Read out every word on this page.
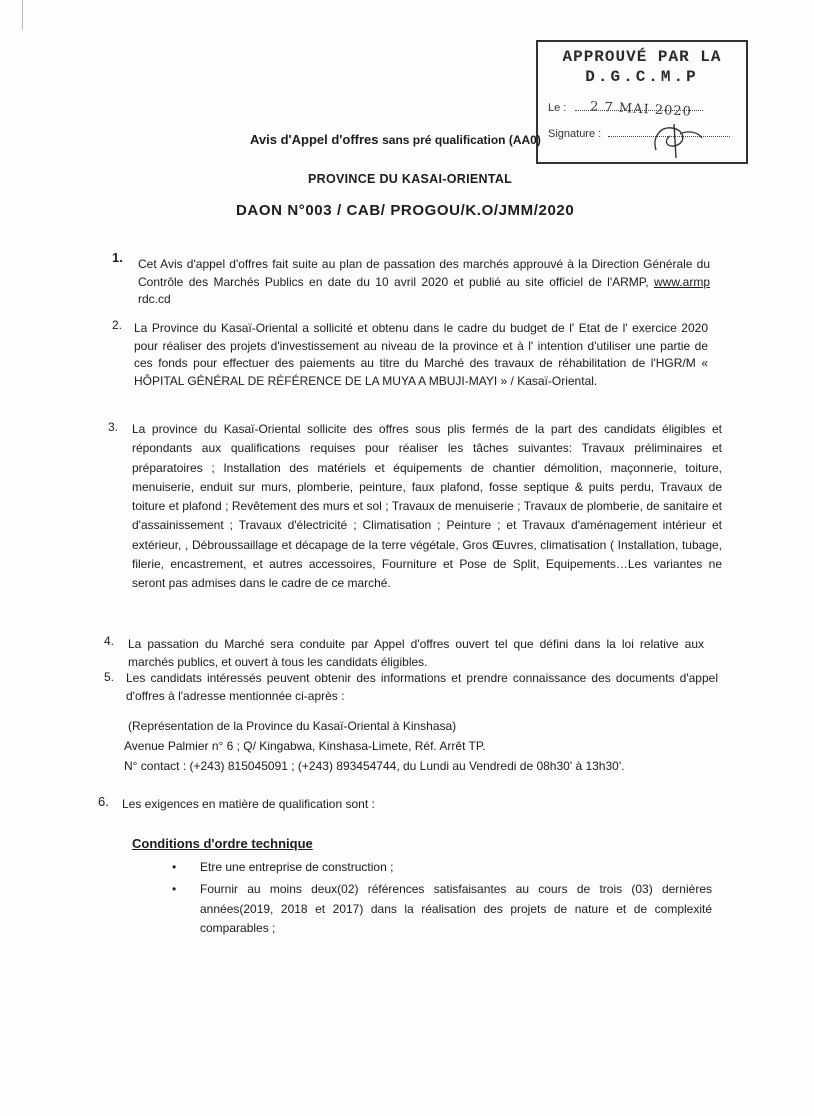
APPROUVÉ PAR LA
D.G.C.M.P
Le :	2 7 MAI 2020
Signature :
Avis d'Appel d'offres sans pré qualification (AA0)
PROVINCE DU KASAI-ORIENTAL
DAON N°003 / CAB/ PROGOU/K.O/JMM/2020
1. Cet Avis d'appel d'offres fait suite au plan de passation des marchés approuvé à la Direction Générale du Contrôle des Marchés Publics en date du 10 avril 2020 et publié au site officiel de l'ARMP, www.armp rdc.cd
2. La Province du Kasaï-Oriental a sollicité et obtenu dans le cadre du budget de l' Etat de l' exercice 2020 pour réaliser des projets d'investissement au niveau de la province et à l' intention d'utiliser une partie de ces fonds pour effectuer des paiements au titre du Marché des travaux de réhabilitation de l'HGR/M « HÔPITAL GÉNÉRAL DE RÉFÉRENCE DE LA MUYA A MBUJI-MAYI » / Kasaï-Oriental.
3. La province du Kasaï-Oriental sollicite des offres sous plis fermés de la part des candidats éligibles et répondants aux qualifications requises pour réaliser les tâches suivantes: Travaux préliminaires et préparatoires ; Installation des matériels et équipements de chantier démolition, maçonnerie, toiture, menuiserie, enduit sur murs, plomberie, peinture, faux plafond, fosse septique & puits perdu, Travaux de toiture et plafond ; Revêtement des murs et sol ; Travaux de menuiserie ; Travaux de plomberie, de sanitaire et d'assainissement ; Travaux d'électricité ; Climatisation ; Peinture ; et Travaux d'aménagement intérieur et extérieur, , Débroussaillage et décapage de la terre végétale, Gros Œuvres, climatisation ( Installation, tubage, filerie, encastrement, et autres accessoires, Fourniture et Pose de Split, Equipements…Les variantes ne seront pas admises dans le cadre de ce marché.
4. La passation du Marché sera conduite par Appel d'offres ouvert tel que défini dans la loi relative aux marchés publics, et ouvert à tous les candidats éligibles.
5. Les candidats intéressés peuvent obtenir des informations et prendre connaissance des documents d'appel d'offres à l'adresse mentionnée ci-après :
(Représentation de la Province du Kasaï-Oriental à Kinshasa)
Avenue Palmier n° 6 ; Q/ Kingabwa, Kinshasa-Limete, Réf. Arrêt TP.
N° contact : (+243) 815045091 ; (+243) 893454744, du Lundi au Vendredi de 08h30' à 13h30'.
6. Les exigences en matière de qualification sont :
Conditions d'ordre technique
• Etre une entreprise de construction ;
• Fournir au moins deux(02) références satisfaisantes au cours de trois (03) dernières années(2019, 2018 et 2017) dans la réalisation des projets de nature et de complexité comparables ;
